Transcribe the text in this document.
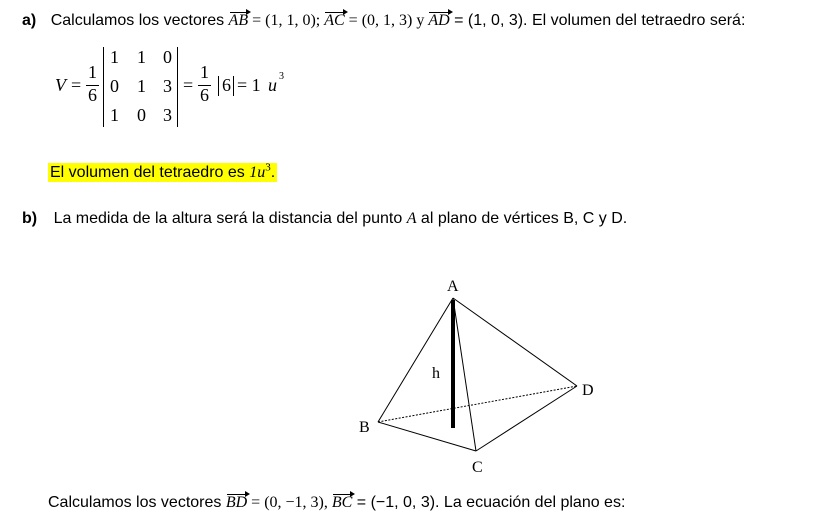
a) Calculamos los vectores AB = (1, 1, 0); AC = (0, 1, 3) y AD = (1, 0, 3). El volumen del tetraedro será:
V =
1
6
1 1 0
0 1 3
1 0 3
=
1
6 6 = 1 u 3
El volumen del tetraedro es $1u^3$.
b) La medida de la altura será la distancia del punto A al plano de vértices B, C y D.
A
B
C
D
h
Calculamos los vectores BD = (0, −1, 3), BC = (−1, 0, 3). La ecuación del plano es:
